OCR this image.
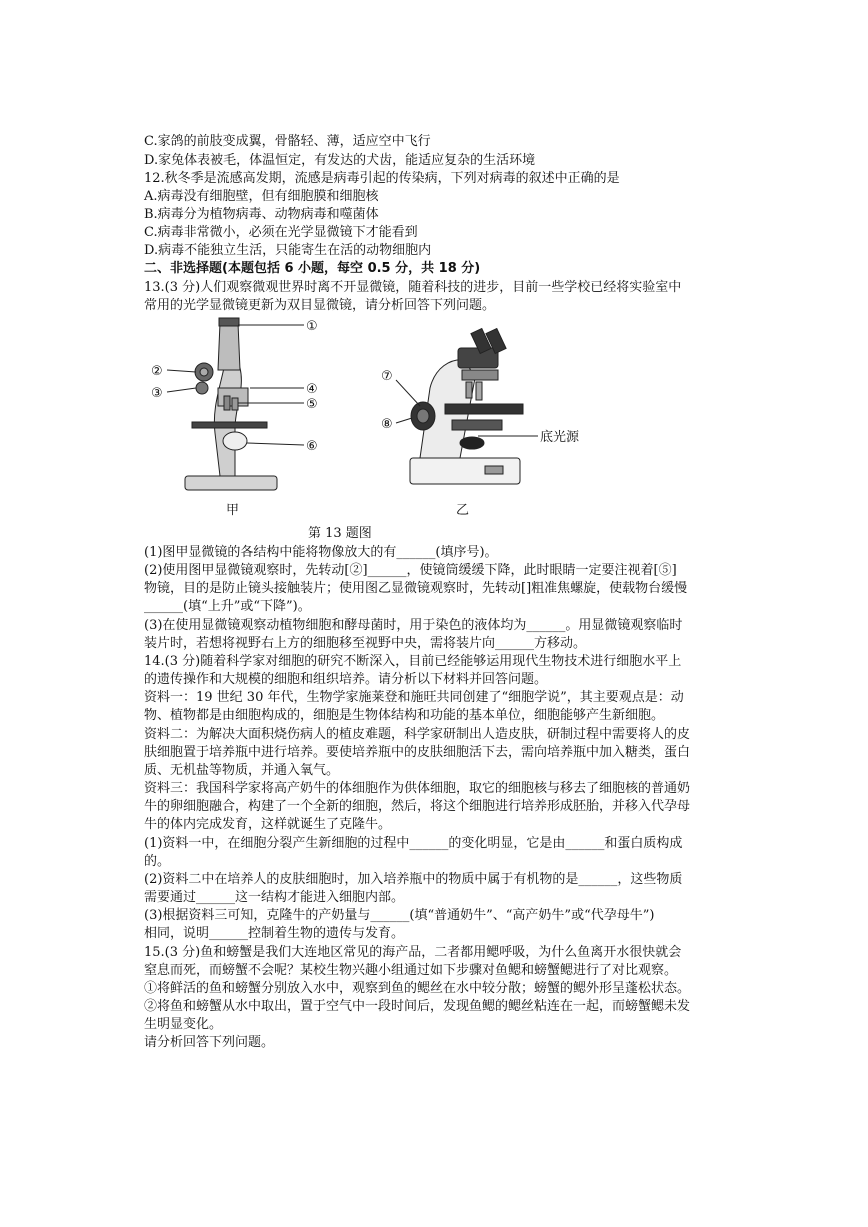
C.家鸽的前肢变成翼，骨骼轻、薄，适应空中飞行
D.家兔体表被毛，体温恒定，有发达的犬齿，能适应复杂的生活环境
12.秋冬季是流感高发期，流感是病毒引起的传染病，下列对病毒的叙述中正确的是
A.病毒没有细胞壁，但有细胞膜和细胞核
B.病毒分为植物病毒、动物病毒和噬菌体
C.病毒非常微小，必须在光学显微镜下才能看到
D.病毒不能独立生活，只能寄生在活的动物细胞内
二、非选择题(本题包括 6 小题，每空 0.5 分，共 18 分)
13.(3 分)人们观察微观世界时离不开显微镜，随着科技的进步，目前一些学校已经将实验室中
常用的光学显微镜更新为双目显微镜，请分析回答下列问题。
①
②
③	④
⑤
⑥
⑦
⑧
底光源
甲	乙
第 13 题图
(1)图甲显微镜的各结构中能将物像放大的有______(填序号)。
(2)使用图甲显微镜观察时，先转动[②]______，使镜筒缓缓下降，此时眼睛一定要注视着[⑤]
物镜，目的是防止镜头接触装片；使用图乙显微镜观察时，先转动[]粗准焦螺旋，使载物台缓慢
______(填“上升”或“下降”)。
(3)在使用显微镜观察动植物细胞和酵母菌时，用于染色的液体均为______。用显微镜观察临时
装片时，若想将视野右上方的细胞移至视野中央，需将装片向______方移动。
14.(3 分)随着科学家对细胞的研究不断深入，目前已经能够运用现代生物技术进行细胞水平上
的遗传操作和大规模的细胞和组织培养。请分析以下材料并回答问题。
资料一：19 世纪 30 年代，生物学家施莱登和施旺共同创建了“细胞学说”，其主要观点是：动
物、植物都是由细胞构成的，细胞是生物体结构和功能的基本单位，细胞能够产生新细胞。
资料二：为解决大面积烧伤病人的植皮难题，科学家研制出人造皮肤，研制过程中需要将人的皮
肤细胞置于培养瓶中进行培养。要使培养瓶中的皮肤细胞活下去，需向培养瓶中加入糖类，蛋白
质、无机盐等物质，并通入氧气。
资料三：我国科学家将高产奶牛的体细胞作为供体细胞，取它的细胞核与移去了细胞核的普通奶
牛的卵细胞融合，构建了一个全新的细胞，然后，将这个细胞进行培养形成胚胎，并移入代孕母
牛的体内完成发育，这样就诞生了克隆牛。
(1)资料一中，在细胞分裂产生新细胞的过程中______的变化明显，它是由______和蛋白质构成
的。
(2)资料二中在培养人的皮肤细胞时，加入培养瓶中的物质中属于有机物的是______，这些物质
需要通过______这一结构才能进入细胞内部。
(3)根据资料三可知，克隆牛的产奶量与______(填“普通奶牛”、“高产奶牛”或“代孕母牛”)
相同，说明______控制着生物的遗传与发育。
15.(3 分)鱼和螃蟹是我们大连地区常见的海产品，二者都用鳃呼吸，为什么鱼离开水很快就会
窒息而死，而螃蟹不会呢？某校生物兴趣小组通过如下步骤对鱼鳃和螃蟹鳃进行了对比观察。
①将鲜活的鱼和螃蟹分别放入水中，观察到鱼的鳃丝在水中较分散；螃蟹的鳃外形呈蓬松状态。
②将鱼和螃蟹从水中取出，置于空气中一段时间后，发现鱼鳃的鳃丝粘连在一起，而螃蟹鳃未发
生明显变化。
请分析回答下列问题。
